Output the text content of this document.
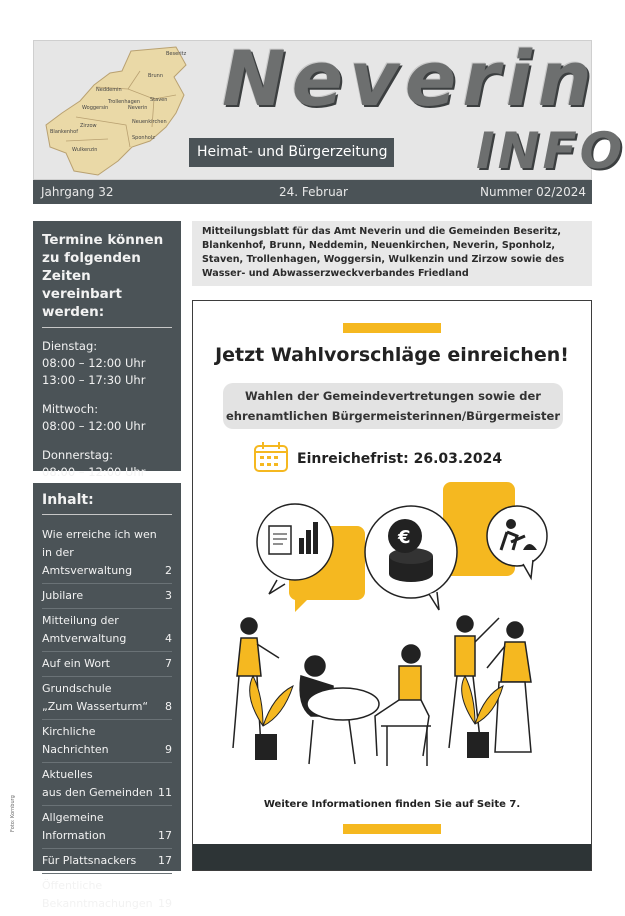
Beseritz
Brunn
Neddemin
Trollenhagen
Neverin
Staven
Woggersin
Neuenkirchen
Zirzow
Blankenhof
Sponholz
Wulkenzin
Neverin
INFO
Heimat- und Bürgerzeitung
Jahrgang 32	24. Februar	Nummer 02/2024
Termine können zu folgenden Zeiten vereinbart werden:
Dienstag:
08:00 – 12:00 Uhr
13:00 – 17:30 Uhr
Mittwoch:
08:00 – 12:00 Uhr
Donnerstag:
08:00 – 12:00 Uhr
Inhalt:
Wie erreiche ich wen
in der Amtsverwaltung	2
Jubilare	3
Mitteilung der
Amtverwaltung	4
Auf ein Wort	7
Grundschule
„Zum Wasserturm“	8
Kirchliche Nachrichten	9
Aktuelles
aus den Gemeinden 11
Allgemeine Information	17
Für Plattsnackers	17
Öffentliche
Bekanntmachungen 19
Mitteilungsblatt für das Amt Neverin und die Gemeinden Beseritz, Blankenhof, Brunn, Neddemin, Neuenkirchen, Neverin, Sponholz, Staven, Trollenhagen, Woggersin, Wulkenzin und Zirzow sowie des Wasser- und Abwasserzweckverbandes Friedland
Jetzt Wahlvorschläge einreichen!
Wahlen der Gemeindevertretungen sowie der
ehrenamtlichen Bürgermeisterinnen/Bürgermeister
Einreichefrist: 26.03.2024
€
Weitere Informationen finden Sie auf Seite 7.
Foto: Kornburg
